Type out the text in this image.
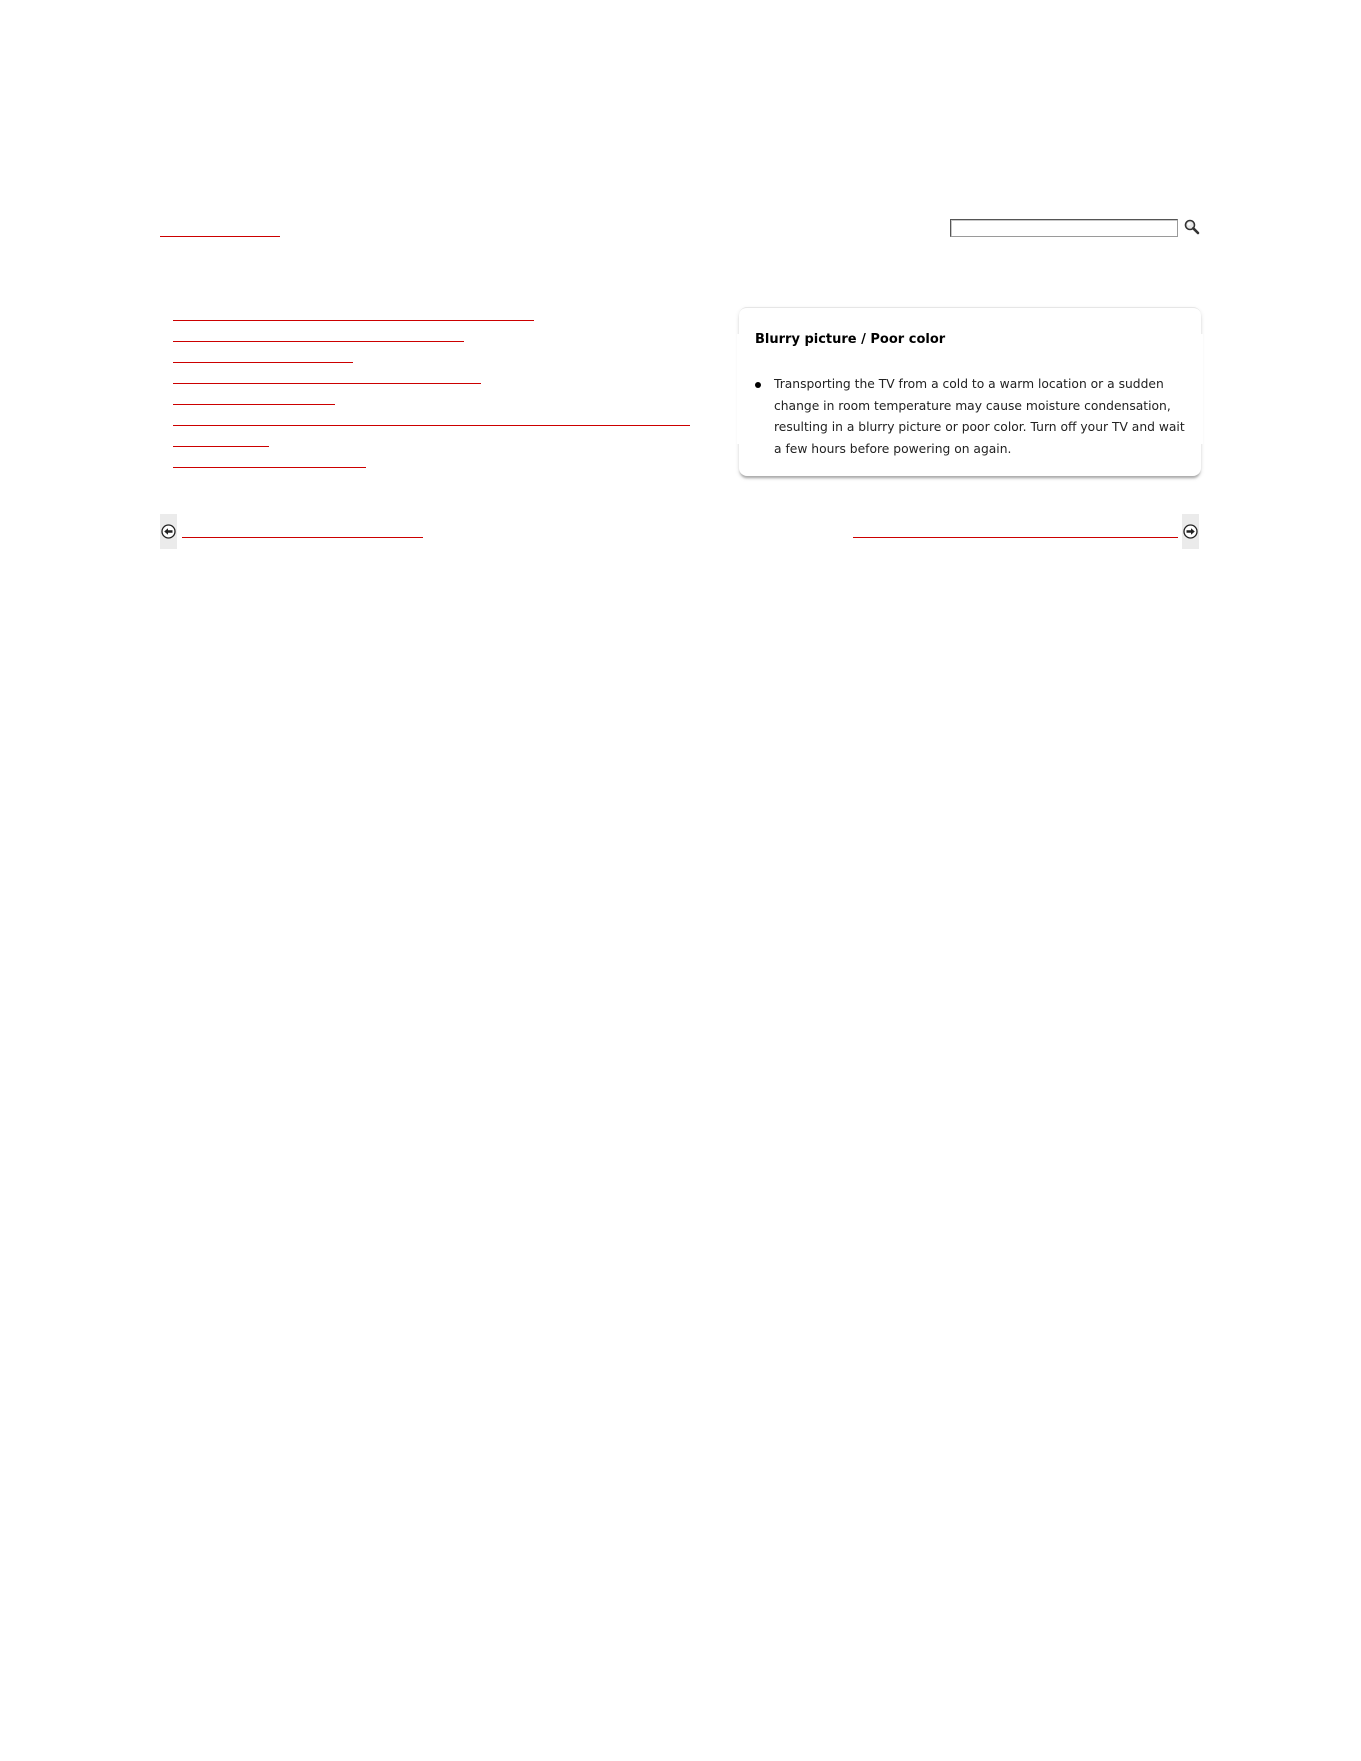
Blurry picture / Poor color
Transporting the TV from a cold to a warm location or a sudden change in room temperature may cause moisture condensation, resulting in a blurry picture or poor color. Turn off your TV and wait a few hours before powering on again.
